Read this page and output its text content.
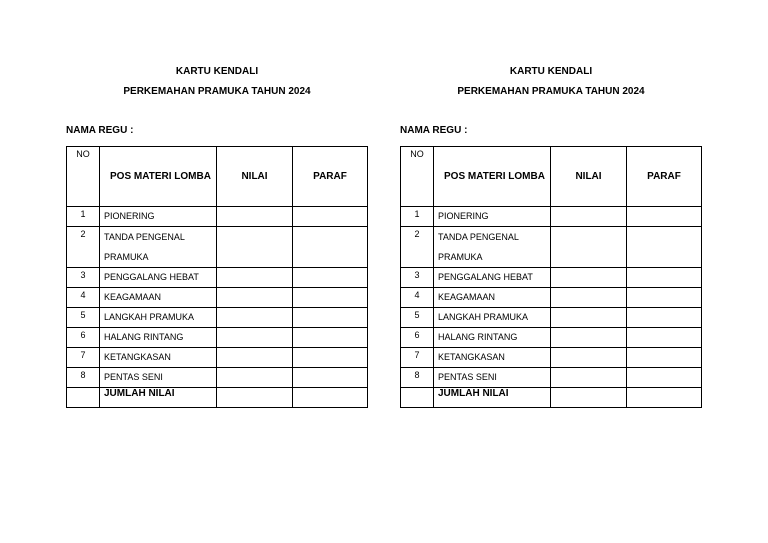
KARTU KENDALI
PERKEMAHAN PRAMUKA TAHUN 2024
NAMA REGU :
NO	POS MATERI LOMBA	NILAI	PARAF
1	PIONERING		
2	TANDA PENGENAL PRAMUKA		
3	PENGGALANG HEBAT		
4	KEAGAMAAN		
5	LANGKAH PRAMUKA		
6	HALANG RINTANG		
7	KETANGKASAN		
8	PENTAS SENI		
	JUMLAH NILAI		
KARTU KENDALI
PERKEMAHAN PRAMUKA TAHUN 2024
NAMA REGU :
NO	POS MATERI LOMBA	NILAI	PARAF
1	PIONERING		
2	TANDA PENGENAL PRAMUKA		
3	PENGGALANG HEBAT		
4	KEAGAMAAN		
5	LANGKAH PRAMUKA		
6	HALANG RINTANG		
7	KETANGKASAN		
8	PENTAS SENI		
	JUMLAH NILAI		
